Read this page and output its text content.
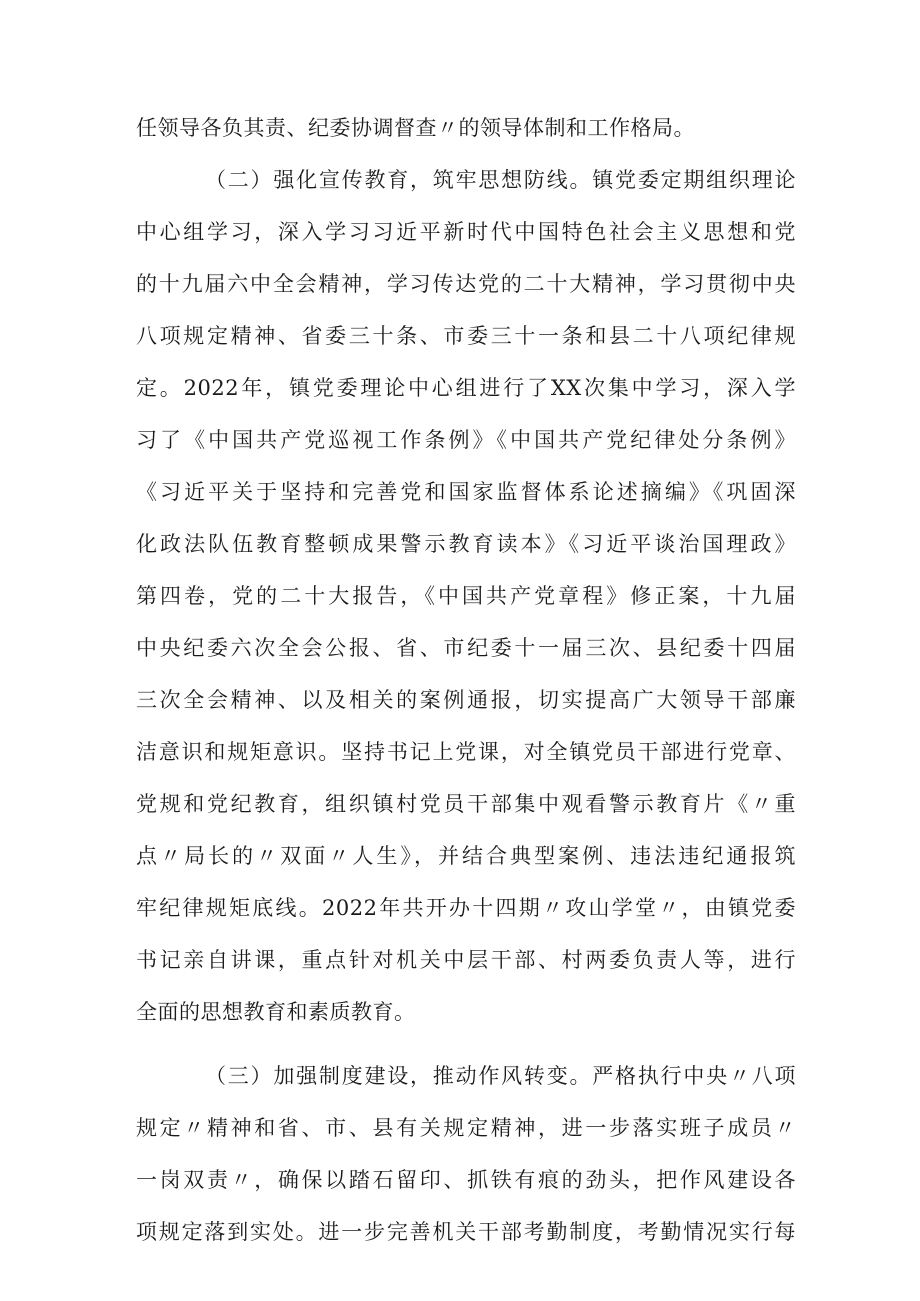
任领导各负其责、纪委协调督查〃的领导体制和工作格局。
（二）强化宣传教育，筑牢思想防线。镇党委定期组织理论
中心组学习，深入学习习近平新时代中国特色社会主义思想和党
的十九届六中全会精神，学习传达党的二十大精神，学习贯彻中央
八项规定精神、省委三十条、市委三十一条和县二十八项纪律规
定。2022年，镇党委理论中心组进行了XX次集中学习，深入学
习了《中国共产党巡视工作条例》《中国共产党纪律处分条例》
《习近平关于坚持和完善党和国家监督体系论述摘编》《巩固深
化政法队伍教育整顿成果警示教育读本》《习近平谈治国理政》
第四卷，党的二十大报告，《中国共产党章程》修正案，十九届
中央纪委六次全会公报、省、市纪委十一届三次、县纪委十四届
三次全会精神、以及相关的案例通报，切实提高广大领导干部廉
洁意识和规矩意识。坚持书记上党课，对全镇党员干部进行党章、
党规和党纪教育，组织镇村党员干部集中观看警示教育片《〃重
点〃局长的〃双面〃人生》，并结合典型案例、违法违纪通报筑
牢纪律规矩底线。2022年共开办十四期〃攻山学堂〃，由镇党委
书记亲自讲课，重点针对机关中层干部、村两委负责人等，进行
全面的思想教育和素质教育。
（三）加强制度建设，推动作风转变。严格执行中央〃八项
规定〃精神和省、市、县有关规定精神，进一步落实班子成员〃
一岗双责〃，确保以踏石留印、抓铁有痕的劲头，把作风建设各
项规定落到实处。进一步完善机关干部考勤制度，考勤情况实行每
